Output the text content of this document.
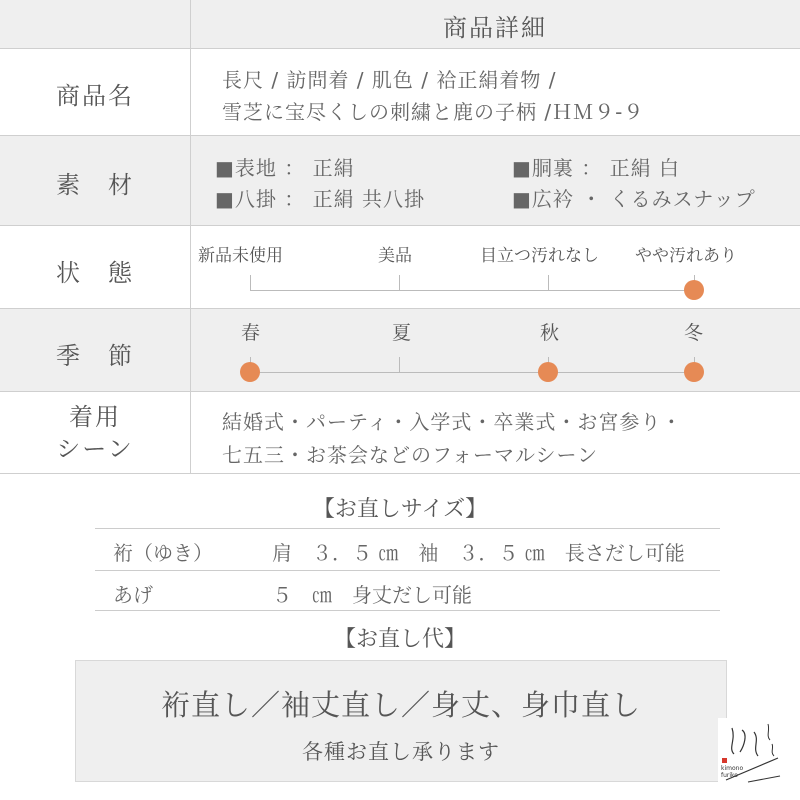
商品詳細
商品名
長尺 / 訪問着 / 肌色 / 袷正絹着物 /
雪芝に宝尽くしの刺繍と鹿の子柄 /ＨＭ９-９
素　材
■表地 ： 正絹	■胴裏 ： 正絹 白
■八掛 ： 正絹 共八掛	■広衿 ・ くるみスナップ
状　態
新品未使用	美品	目立つ汚れなし やや汚れあり
季　節
春	夏	秋	冬
着用
シーン
結婚式・パーティ・入学式・卒業式・お宮参り・
七五三・お茶会などのフォーマルシーン
【お直しサイズ】
裄（ゆき）	肩　３．５ ㎝　袖　３．５ ㎝　長さだし可能
あげ	５　㎝　身丈だし可能
【お直し代】
裄直し／袖丈直し／身丈、身巾直し
各種お直し承ります
kimono furiko
